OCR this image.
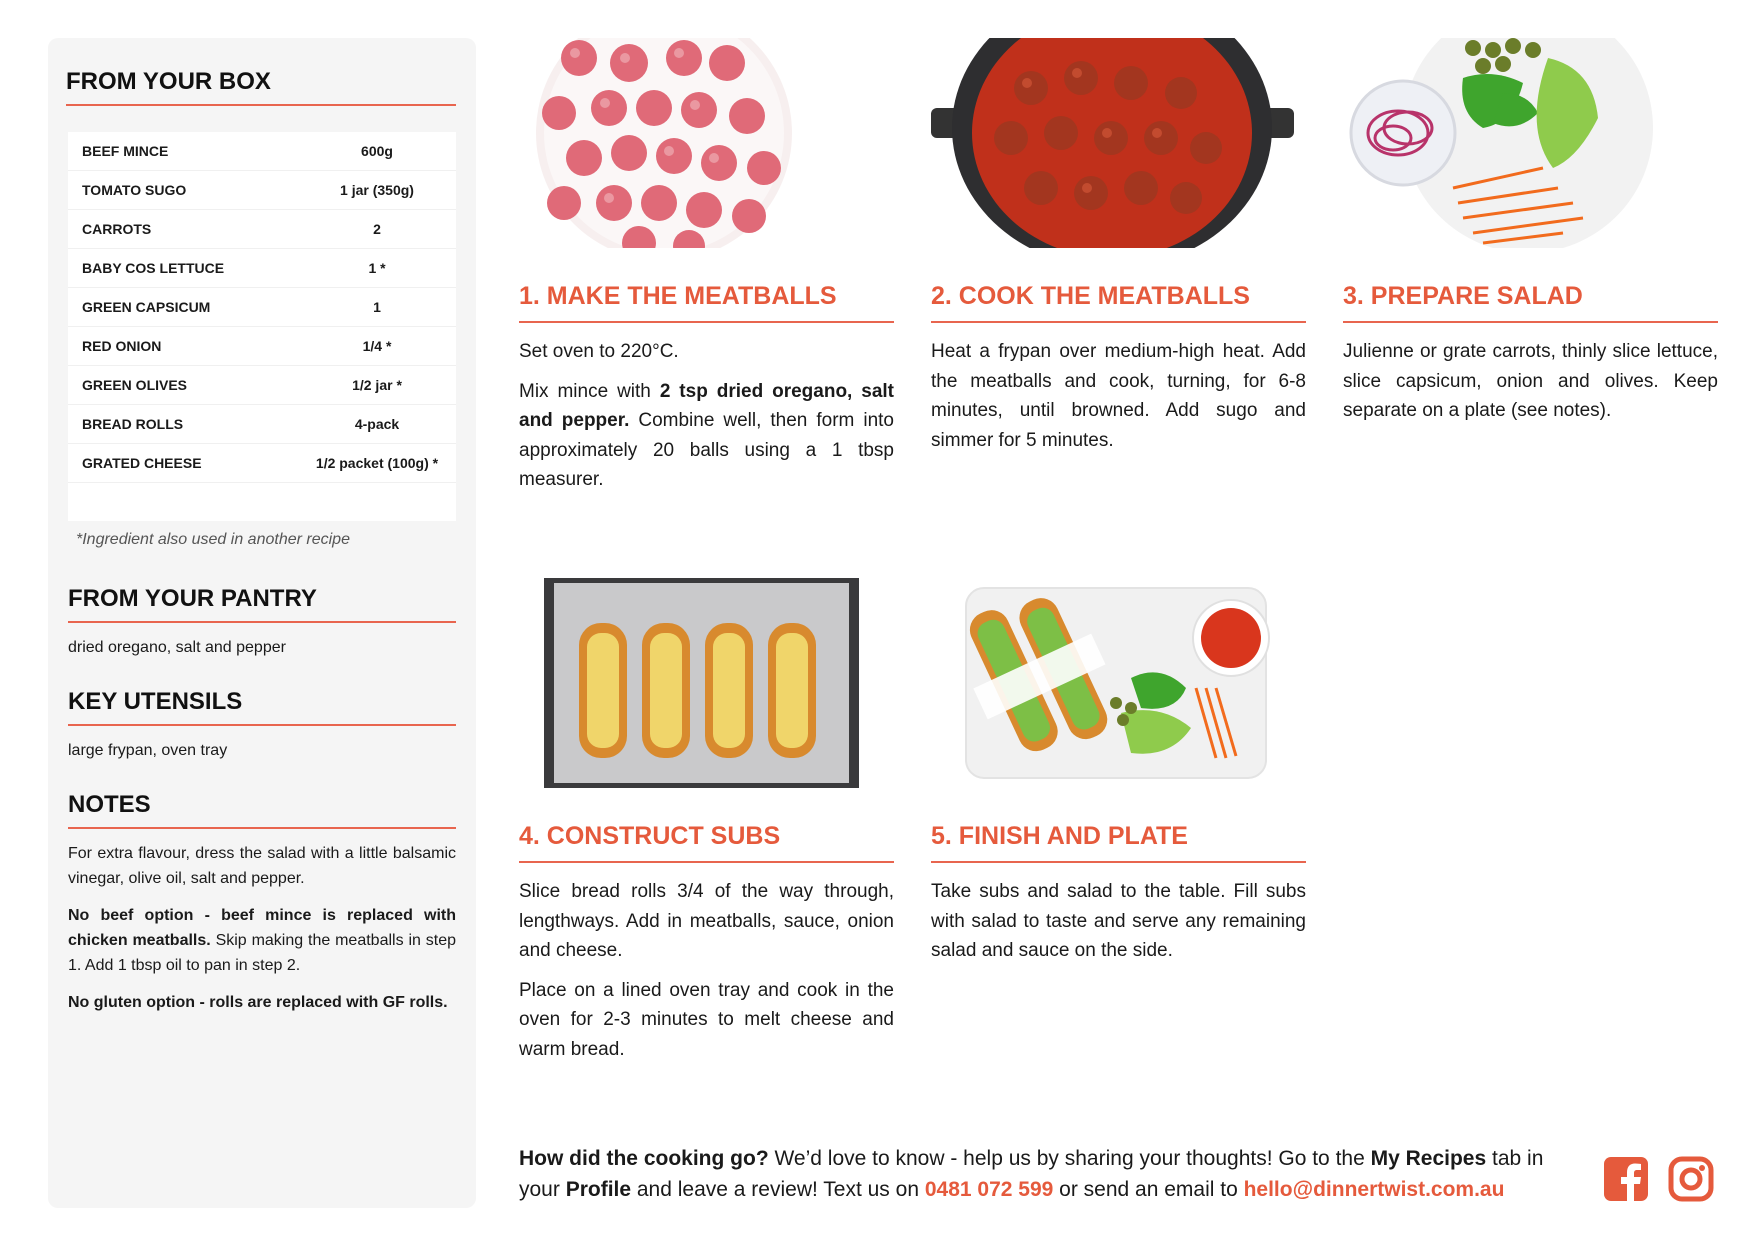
FROM YOUR BOX
BEEF MINCE	600g
TOMATO SUGO	1 jar (350g)
CARROTS	2
BABY COS LETTUCE	1 *
GREEN CAPSICUM	1
RED ONION	1/4 *
GREEN OLIVES	1/2 jar *
BREAD ROLLS	4-pack
GRATED CHEESE	1/2 packet (100g) *
*Ingredient also used in another recipe
FROM YOUR PANTRY
dried oregano, salt and pepper
KEY UTENSILS
large frypan, oven tray
NOTES
For extra flavour, dress the salad with a little balsamic vinegar, olive oil, salt and pepper.
No beef option - beef mince is replaced with chicken meatballs. Skip making the meatballs in step 1. Add 1 tbsp oil to pan in step 2.
No gluten option - rolls are replaced with GF rolls.
1. MAKE THE MEATBALLS

Set oven to 220°C.

Mix mince with 2 tsp dried oregano, salt and pepper. Combine well, then form into approximately 20 balls using a 1 tbsp measurer.

2. COOK THE MEATBALLS

Heat a frypan over medium-high heat. Add the meatballs and cook, turning, for 6-8 minutes, until browned. Add sugo and simmer for 5 minutes.

3. PREPARE SALAD

Julienne or grate carrots, thinly slice lettuce, slice capsicum, onion and olives. Keep separate on a plate (see notes).

4. CONSTRUCT SUBS

Slice bread rolls 3/4 of the way through, lengthways. Add in meatballs, sauce, onion and cheese.

Place on a lined oven tray and cook in the oven for 2-3 minutes to melt cheese and warm bread.

5. FINISH AND PLATE

Take subs and salad to the table. Fill subs with salad to taste and serve any remaining salad and sauce on the side.

How did the cooking go? We’d love to know - help us by sharing your thoughts! Go to the My Recipes tab in your Profile and leave a review! Text us on 0481 072 599 or send an email to hello@dinnertwist.com.au
